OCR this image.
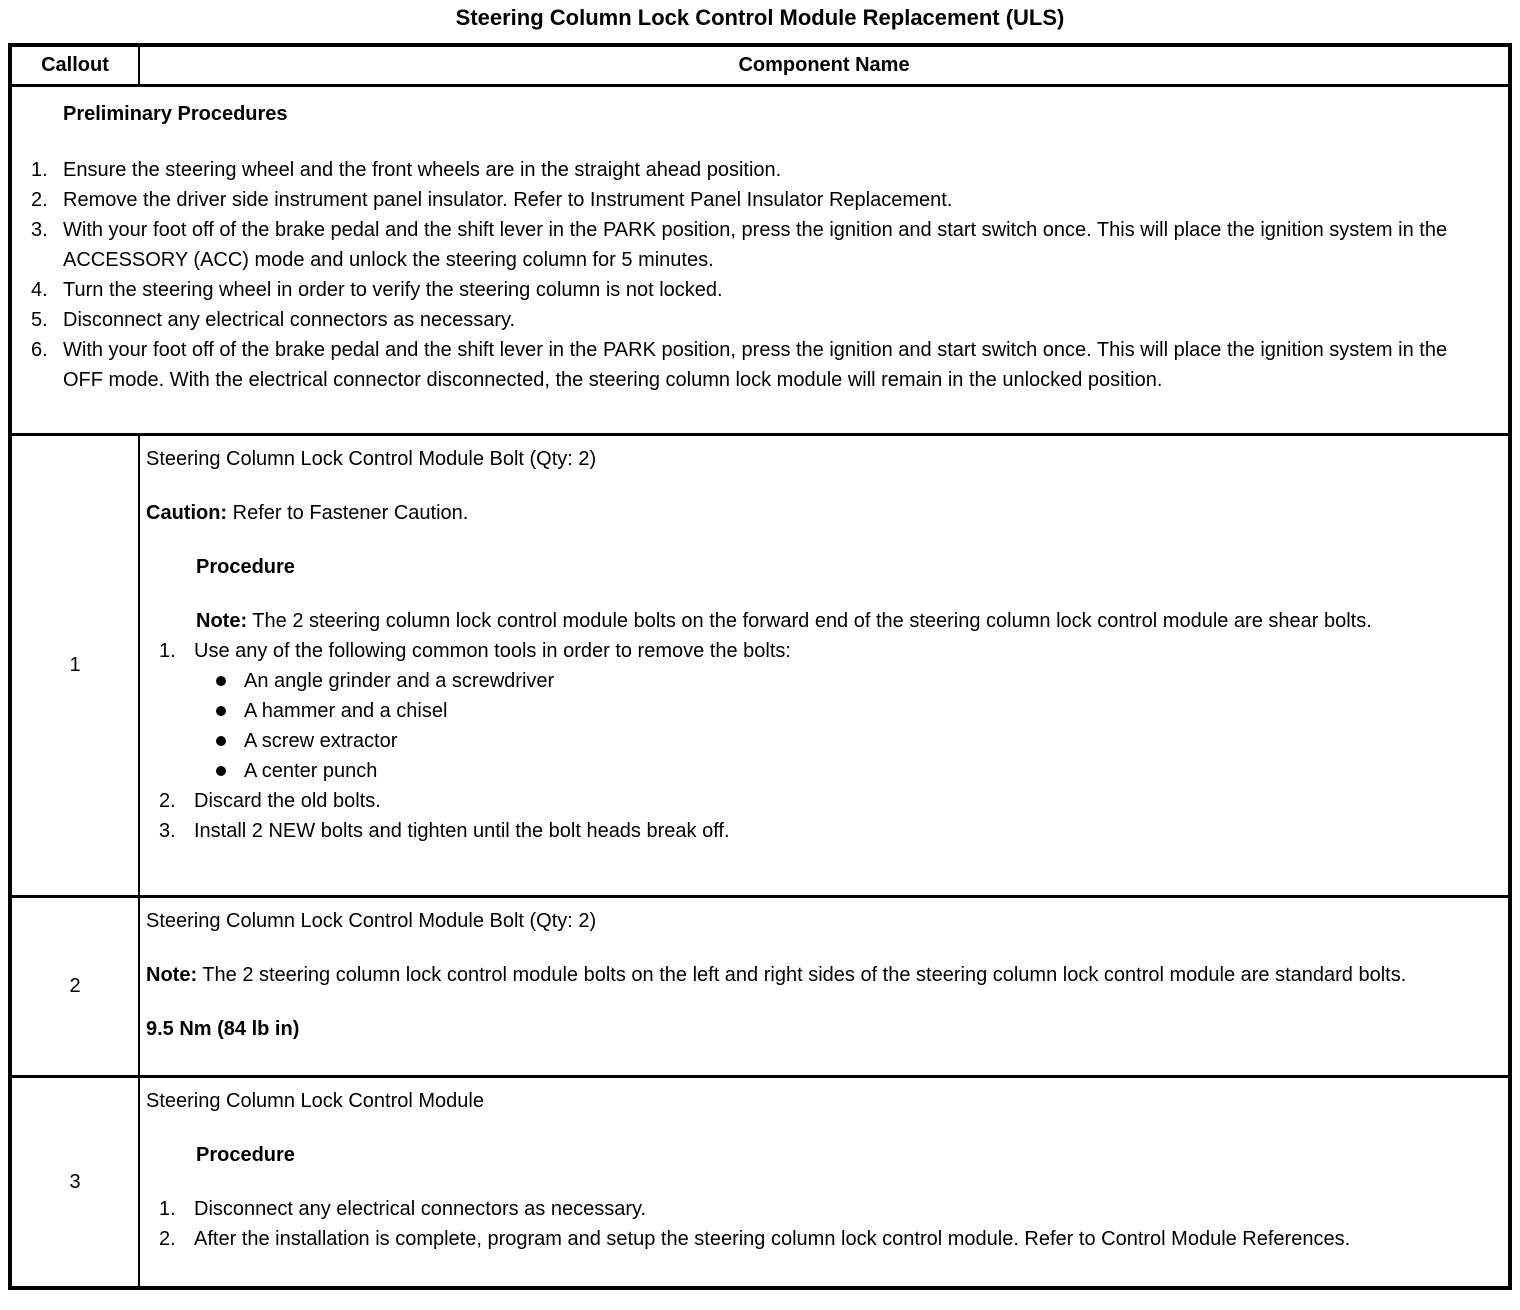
Steering Column Lock Control Module Replacement (ULS)
Callout	Component Name
Preliminary Procedures
1. Ensure the steering wheel and the front wheels are in the straight ahead position.
2. Remove the driver side instrument panel insulator. Refer to Instrument Panel Insulator Replacement.
3. With your foot off of the brake pedal and the shift lever in the PARK position, press the ignition and start switch once. This will place the ignition system in the ACCESSORY (ACC) mode and unlock the steering column for 5 minutes.
4. Turn the steering wheel in order to verify the steering column is not locked.
5. Disconnect any electrical connectors as necessary.
6. With your foot off of the brake pedal and the shift lever in the PARK position, press the ignition and start switch once. This will place the ignition system in the OFF mode. With the electrical connector disconnected, the steering column lock module will remain in the unlocked position.
1
Steering Column Lock Control Module Bolt (Qty: 2)
Caution: Refer to Fastener Caution.
Procedure
Note: The 2 steering column lock control module bolts on the forward end of the steering column lock control module are shear bolts.
1. Use any of the following common tools in order to remove the bolts:
An angle grinder and a screwdriver
A hammer and a chisel
A screw extractor
A center punch
2. Discard the old bolts.
3. Install 2 NEW bolts and tighten until the bolt heads break off.
2
Steering Column Lock Control Module Bolt (Qty: 2)
Note: The 2 steering column lock control module bolts on the left and right sides of the steering column lock control module are standard bolts.
9.5 Nm (84 lb in)
3
Steering Column Lock Control Module
Procedure
1. Disconnect any electrical connectors as necessary.
2. After the installation is complete, program and setup the steering column lock control module. Refer to Control Module References.
